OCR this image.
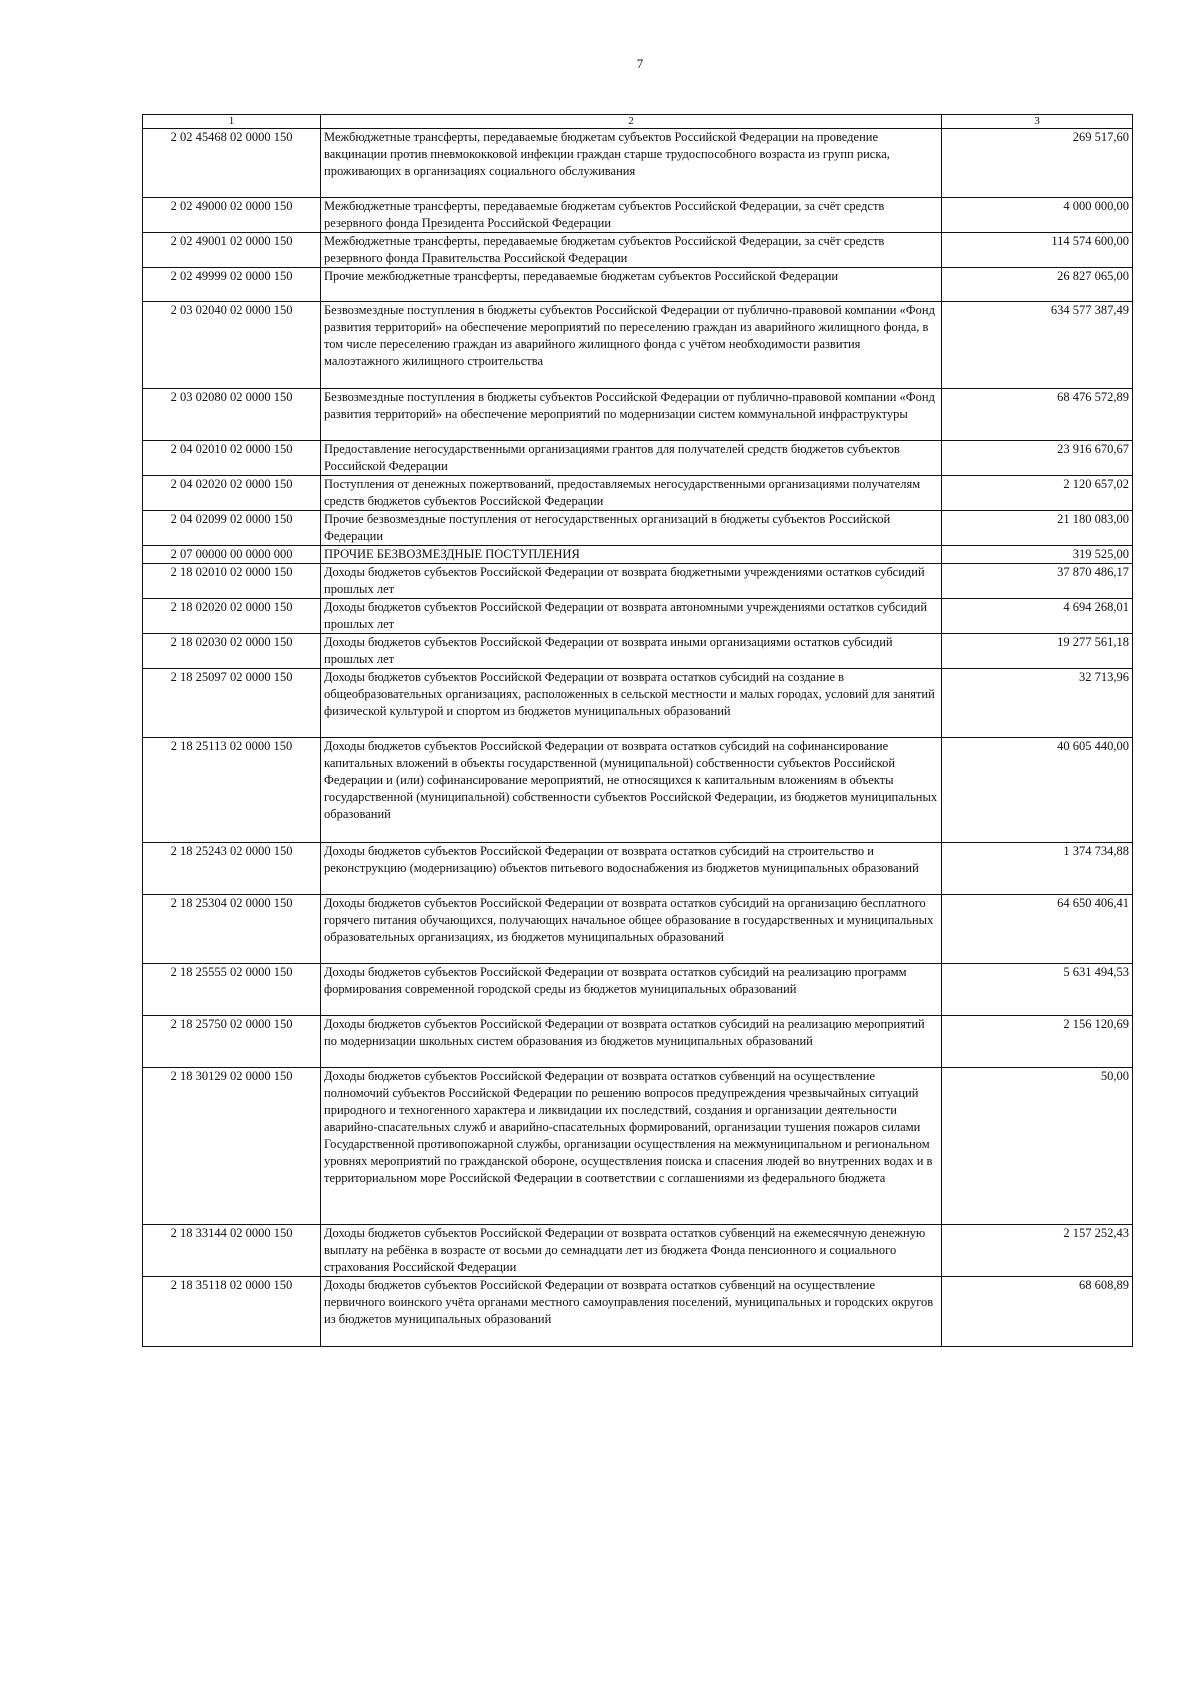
7
1	2	3
2 02 45468 02 0000 150	Межбюджетные трансферты, передаваемые бюджетам субъектов Российской Федерации на проведение вакцинации против пневмококковой инфекции граждан старше трудоспособного возраста из групп риска, проживающих в организациях социального обслуживания	269 517,60
2 02 49000 02 0000 150	Межбюджетные трансферты, передаваемые бюджетам субъектов Российской Федерации, за счёт средств резервного фонда Президента Российской Федерации	4 000 000,00
2 02 49001 02 0000 150	Межбюджетные трансферты, передаваемые бюджетам субъектов Российской Федерации, за счёт средств резервного фонда Правительства Российской Федерации	114 574 600,00
2 02 49999 02 0000 150	Прочие межбюджетные трансферты, передаваемые бюджетам субъектов Российской Федерации	26 827 065,00
2 03 02040 02 0000 150	Безвозмездные поступления в бюджеты субъектов Российской Федерации от публично-правовой компании «Фонд развития территорий» на обеспечение мероприятий по переселению граждан из аварийного жилищного фонда, в том числе переселению граждан из аварийного жилищного фонда с учётом необходимости развития малоэтажного жилищного строительства	634 577 387,49
2 03 02080 02 0000 150	Безвозмездные поступления в бюджеты субъектов Российской Федерации от публично-правовой компании «Фонд развития территорий» на обеспечение мероприятий по модернизации систем коммунальной инфраструктуры	68 476 572,89
2 04 02010 02 0000 150	Предоставление негосударственными организациями грантов для получателей средств бюджетов субъектов Российской Федерации	23 916 670,67
2 04 02020 02 0000 150	Поступления от денежных пожертвований, предоставляемых негосударственными организациями получателям средств бюджетов субъектов Российской Федерации	2 120 657,02
2 04 02099 02 0000 150	Прочие безвозмездные поступления от негосударственных организаций в бюджеты субъектов Российской Федерации	21 180 083,00
2 07 00000 00 0000 000	ПРОЧИЕ БЕЗВОЗМЕЗДНЫЕ ПОСТУПЛЕНИЯ	319 525,00
2 18 02010 02 0000 150	Доходы бюджетов субъектов Российской Федерации от возврата бюджетными учреждениями остатков субсидий прошлых лет	37 870 486,17
2 18 02020 02 0000 150	Доходы бюджетов субъектов Российской Федерации от возврата автономными учреждениями остатков субсидий прошлых лет	4 694 268,01
2 18 02030 02 0000 150	Доходы бюджетов субъектов Российской Федерации от возврата иными организациями остатков субсидий прошлых лет	19 277 561,18
2 18 25097 02 0000 150	Доходы бюджетов субъектов Российской Федерации от возврата остатков субсидий на создание в общеобразовательных организациях, расположенных в сельской местности и малых городах, условий для занятий физической культурой и спортом из бюджетов муниципальных образований	32 713,96
2 18 25113 02 0000 150	Доходы бюджетов субъектов Российской Федерации от возврата остатков субсидий на софинансирование капитальных вложений в объекты государственной (муниципальной) собственности субъектов Российской Федерации и (или) софинансирование мероприятий, не относящихся к капитальным вложениям в объекты государственной (муниципальной) собственности субъектов Российской Федерации, из бюджетов муниципальных образований	40 605 440,00
2 18 25243 02 0000 150	Доходы бюджетов субъектов Российской Федерации от возврата остатков субсидий на строительство и реконструкцию (модернизацию) объектов питьевого водоснабжения из бюджетов муниципальных образований	1 374 734,88
2 18 25304 02 0000 150	Доходы бюджетов субъектов Российской Федерации от возврата остатков субсидий на организацию бесплатного горячего питания обучающихся, получающих начальное общее образование в государственных и муниципальных образовательных организациях, из бюджетов муниципальных образований	64 650 406,41
2 18 25555 02 0000 150	Доходы бюджетов субъектов Российской Федерации от возврата остатков субсидий на реализацию программ формирования современной городской среды из бюджетов муниципальных образований	5 631 494,53
2 18 25750 02 0000 150	Доходы бюджетов субъектов Российской Федерации от возврата остатков субсидий на реализацию мероприятий по модернизации школьных систем образования из бюджетов муниципальных образований	2 156 120,69
2 18 30129 02 0000 150	Доходы бюджетов субъектов Российской Федерации от возврата остатков субвенций на осуществление полномочий субъектов Российской Федерации по решению вопросов предупреждения чрезвычайных ситуаций природного и техногенного характера и ликвидации их последствий, создания и организации деятельности аварийно-спасательных служб и аварийно-спасательных формирований, организации тушения пожаров силами Государственной противопожарной службы, организации осуществления на межмуниципальном и региональном уровнях мероприятий по гражданской обороне, осуществления поиска и спасения людей во внутренних водах и в территориальном море Российской Федерации в соответствии с соглашениями из федерального бюджета	50,00
2 18 33144 02 0000 150	Доходы бюджетов субъектов Российской Федерации от возврата остатков субвенций на ежемесячную денежную выплату на ребёнка в возрасте от восьми до семнадцати лет из бюджета Фонда пенсионного и социального страхования Российской Федерации	2 157 252,43
2 18 35118 02 0000 150	Доходы бюджетов субъектов Российской Федерации от возврата остатков субвенций на осуществление первичного воинского учёта органами местного самоуправления поселений, муниципальных и городских округов из бюджетов муниципальных образований	68 608,89
